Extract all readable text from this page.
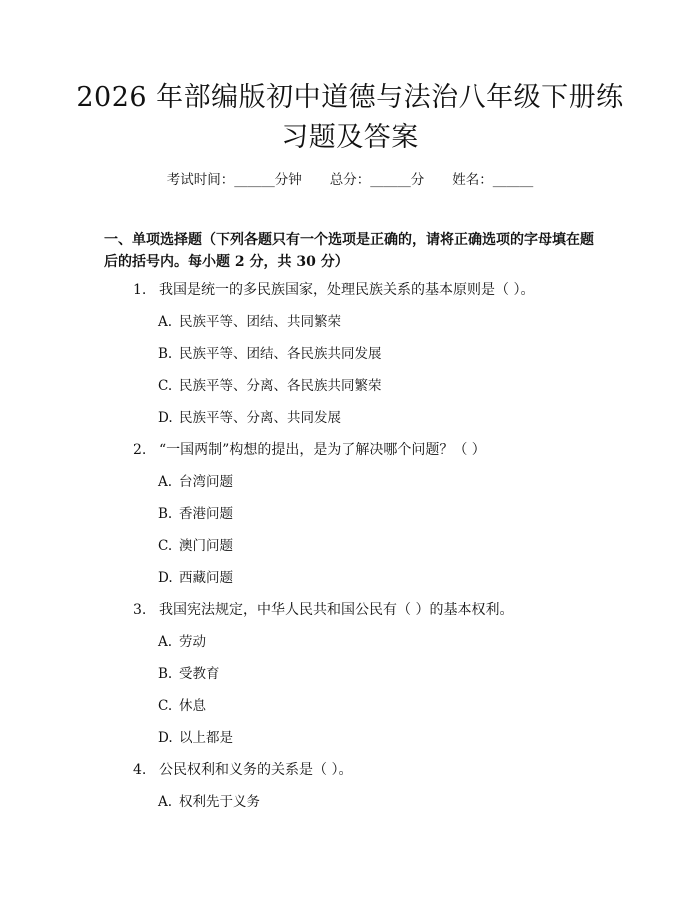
2026 年部编版初中道德与法治八年级下册练
习题及答案
考试时间：______分钟 总分：______分 姓名：______
一、单项选择题（下列各题只有一个选项是正确的，请将正确选项的字母填在题后的括号内。每小题 2 分，共 30 分）
1. 我国是统一的多民族国家，处理民族关系的基本原则是（ ）。
A. 民族平等、团结、共同繁荣
B. 民族平等、团结、各民族共同发展
C. 民族平等、分离、各民族共同繁荣
D. 民族平等、分离、共同发展
2. “一国两制”构想的提出，是为了解决哪个问题？（ ）
A. 台湾问题
B. 香港问题
C. 澳门问题
D. 西藏问题
3. 我国宪法规定，中华人民共和国公民有（ ）的基本权利。
A. 劳动
B. 受教育
C. 休息
D. 以上都是
4. 公民权利和义务的关系是（ ）。
A. 权利先于义务
